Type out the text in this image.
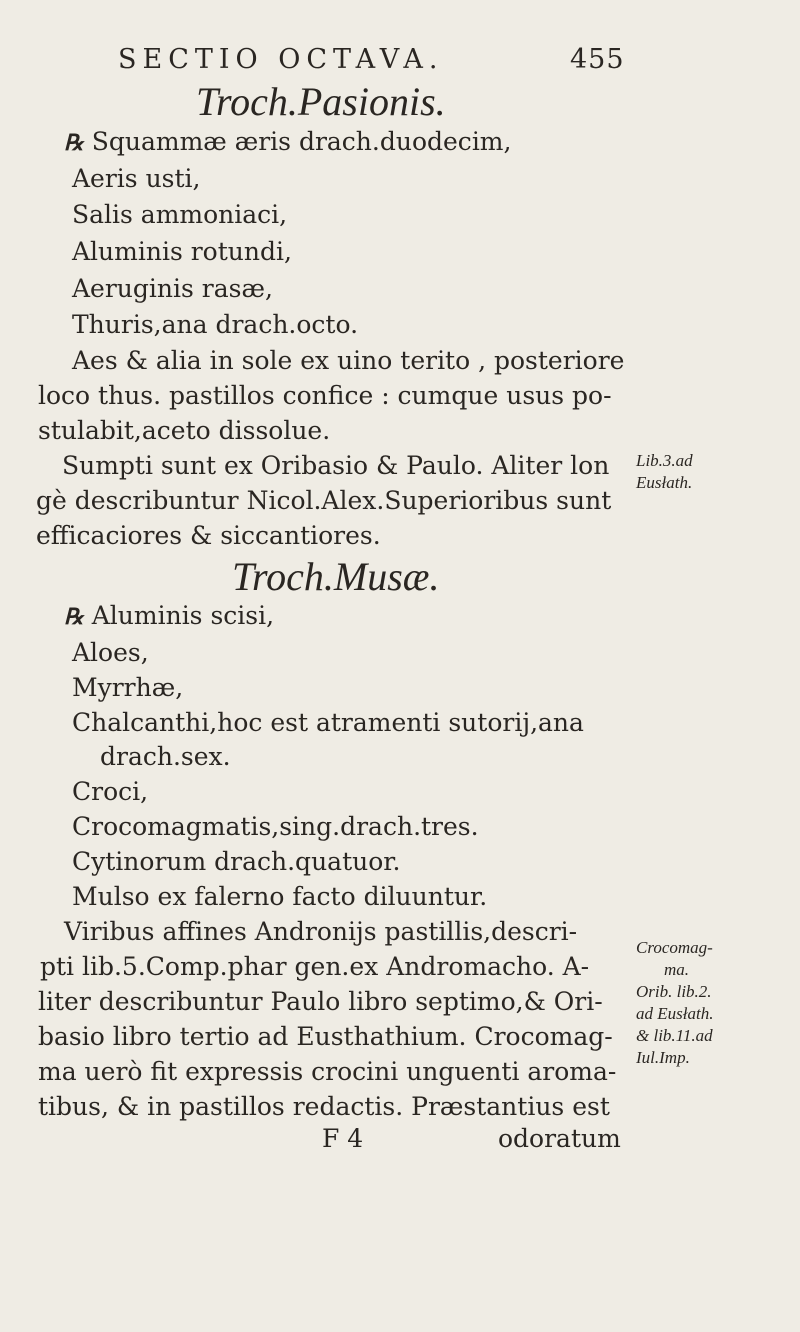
SECTIO OCTAVA.	455
Troch.Pasionis.
℞ Squammæ æris drach.duodecim,
Aeris usti,
Salis ammoniaci,
Aluminis rotundi,
Aeruginis rasæ,
Thuris,ana drach.octo.
Aes & alia in sole ex uino terito , posteriore
loco thus. pastillos confice : cumque usus po-
stulabit,aceto dissolue.
Sumpti sunt ex Oribasio & Paulo. Aliter lon
gè describuntur Nicol.Alex.Superioribus sunt
efficaciores & siccantiores.
Lib.3.ad
Eusłath.
Troch.Musæ.
℞ Aluminis scisi,
Aloes,
Myrrhæ,
Chalcanthi,hoc est atramenti sutorij,ana
drach.sex.
Croci,
Crocomagmatis,sing.drach.tres.
Cytinorum drach.quatuor.
Mulso ex falerno facto diluuntur.
Viribus affines Andronijs pastillis,descri-
pti lib.5.Comp.phar gen.ex Andromacho. A-
liter describuntur Paulo libro septimo,& Ori-
basio libro tertio ad Eusthathium. Crocomag-
ma uerò fit expressis crocini unguenti aroma-
tibus, & in pastillos redactis. Præstantius est
Crocomag-
ma.
Orib. lib.2.
ad Eusłath.
& lib.11.ad
Iul.Imp.
F 4	odoratum
